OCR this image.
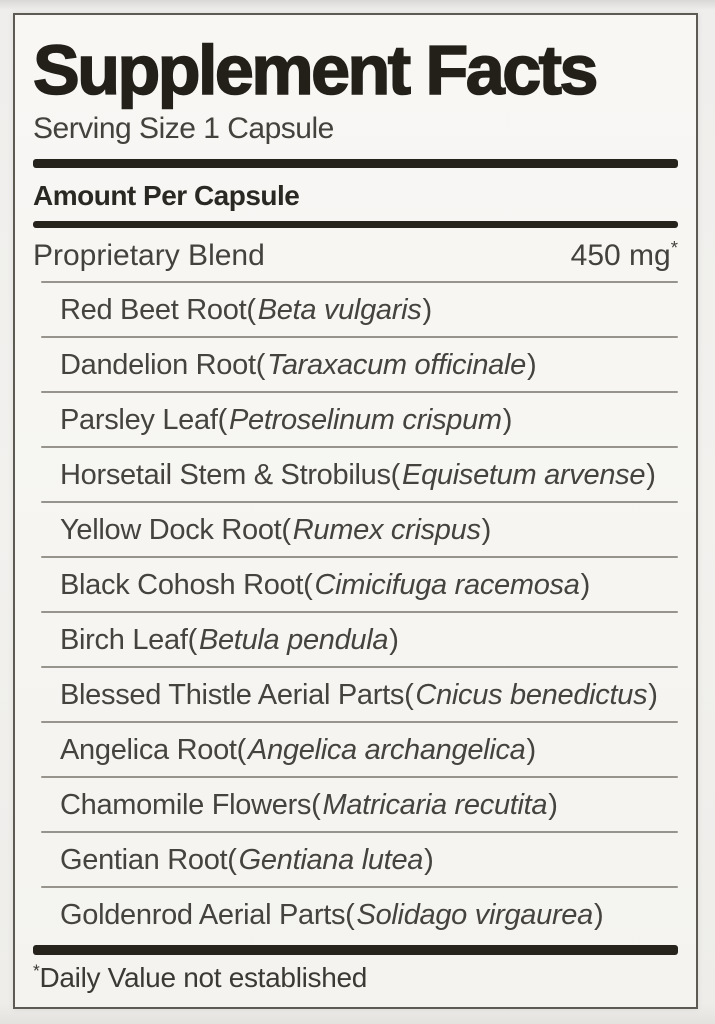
Supplement Facts
Serving Size 1 Capsule
Amount Per Capsule
Proprietary Blend	450 mg*
Red Beet Root ( Beta vulgaris )
Dandelion Root ( Taraxacum officinale )
Parsley Leaf ( Petroselinum crispum )
Horsetail Stem & Strobilus ( Equisetum arvense )
Yellow Dock Root ( Rumex crispus )
Black Cohosh Root ( Cimicifuga racemosa )
Birch Leaf ( Betula pendula )
Blessed Thistle Aerial Parts ( Cnicus benedictus )
Angelica Root ( Angelica archangelica )
Chamomile Flowers ( Matricaria recutita )
Gentian Root ( Gentiana lutea )
Goldenrod Aerial Parts ( Solidago virgaurea )
*Daily Value not established
